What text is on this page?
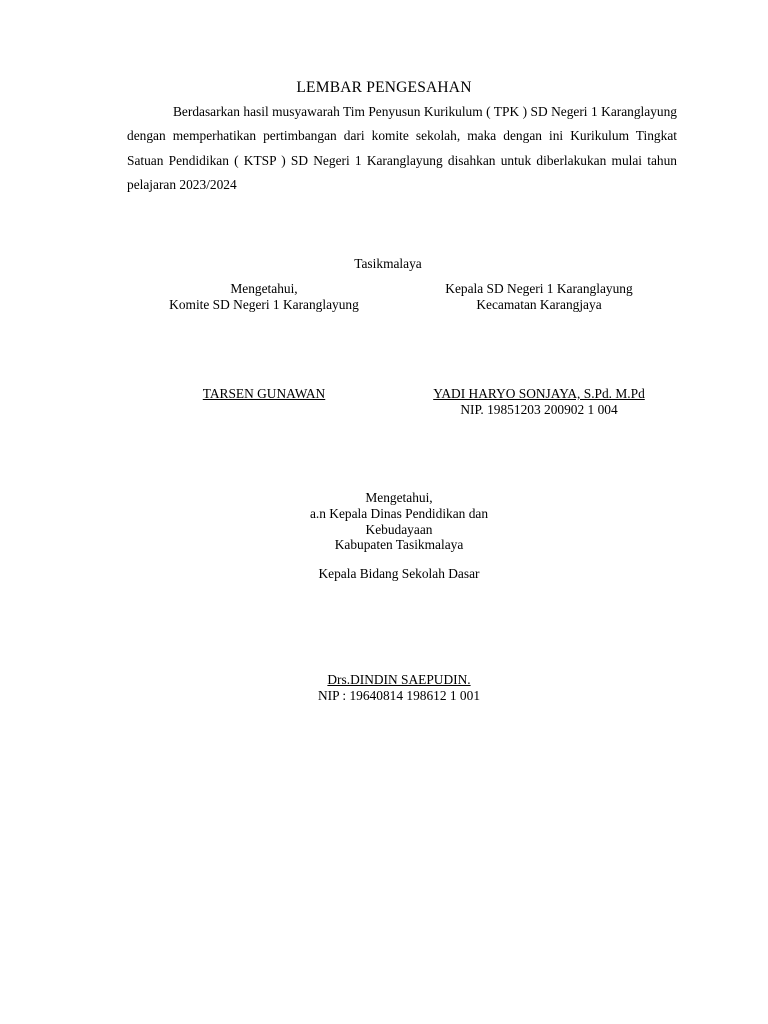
LEMBAR PENGESAHAN
Berdasarkan hasil musyawarah Tim Penyusun Kurikulum ( TPK ) SD Negeri 1 Karanglayung dengan memperhatikan pertimbangan dari komite sekolah, maka dengan ini Kurikulum Tingkat Satuan Pendidikan ( KTSP ) SD Negeri 1 Karanglayung disahkan untuk diberlakukan mulai tahun pelajaran 2023/2024
Tasikmalaya
Mengetahui,
Komite SD Negeri 1 Karanglayung
Kepala SD Negeri 1 Karanglayung
Kecamatan Karangjaya
TARSEN GUNAWAN	YADI HARYO SONJAYA, S.Pd. M.Pd
NIP. 19851203 200902 1 004
Mengetahui,
a.n Kepala Dinas Pendidikan dan
Kebudayaan
Kabupaten Tasikmalaya
Kepala Bidang Sekolah Dasar
Drs.DINDIN SAEPUDIN.
NIP : 19640814 198612 1 001
